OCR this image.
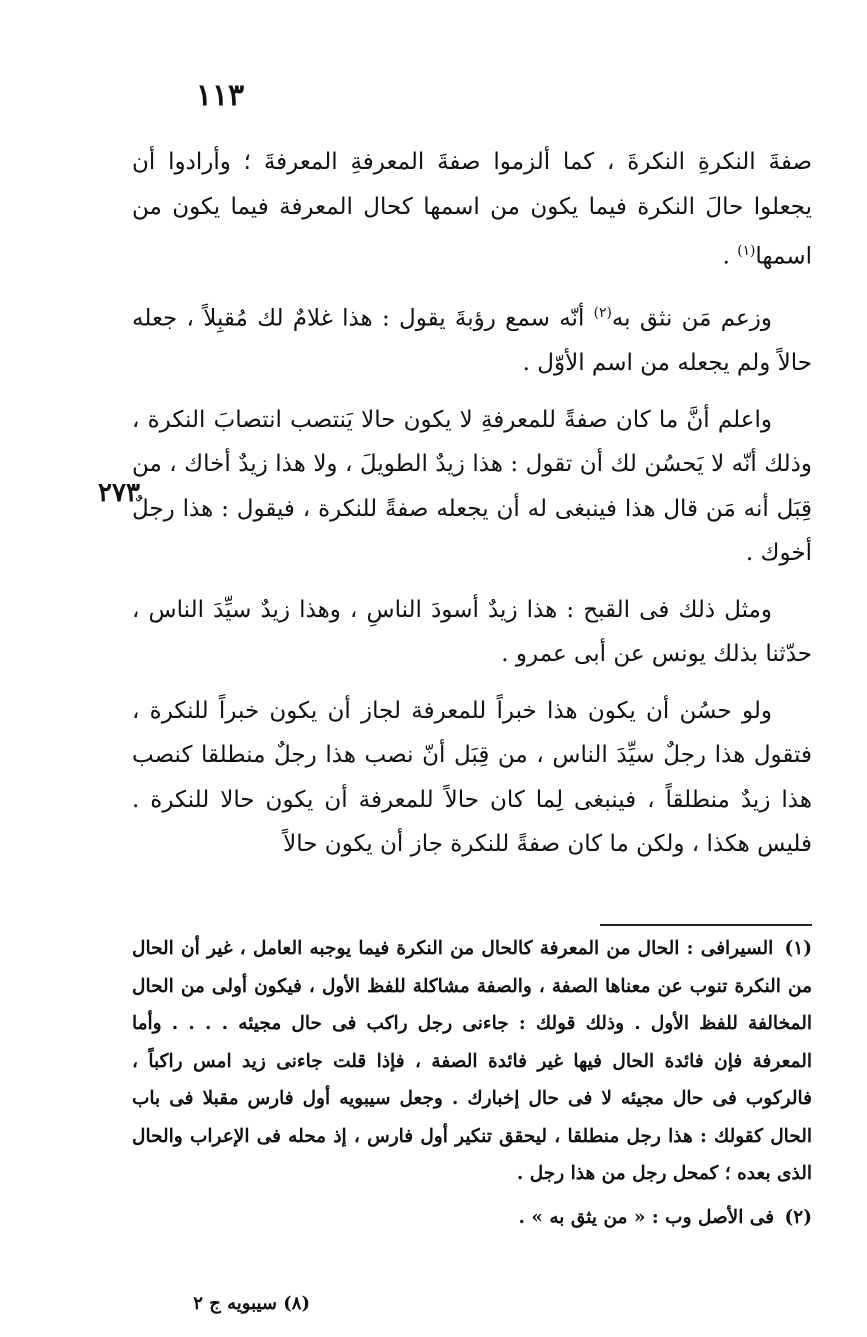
١١٣
٢٧٣

صفةَ النكرةِ النكرةَ ، كما ألزموا صفةَ المعرفةِ المعرفةَ ؛ وأرادوا أن يجعلوا حالَ النكرة فيما يكون من اسمها كحال المعرفة فيما يكون من اسمها$^{(١)}$ .

وزعم مَن نثق به$^{(٢)}$ أنّه سمع رؤبةَ يقول : هذا غلامٌ لك مُقبِلاً ، جعله حالاً ولم يجعله من اسم الأوّل .

واعلم أنَّ ما كان صفةً للمعرفةِ لا يكون حالا يَنتصب انتصابَ النكرة ، وذلك أنّه لا يَحسُن لك أن تقول : هذا زيدٌ الطويلَ ، ولا هذا زيدٌ أخاك ، من قِبَل أنه مَن قال هذا فينبغى له أن يجعله صفةً للنكرة ، فيقول : هذا رجلٌ أخوك .

ومثل ذلك فى القبح : هذا زيدٌ أسودَ الناسِ ، وهذا زيدٌ سيِّدَ الناس ، حدّثنا بذلك يونس عن أبى عمرو .

ولو حسُن أن يكون هذا خبراً للمعرفة لجاز أن يكون خبراً للنكرة ، فتقول هذا رجلٌ سيِّدَ الناس ، من قِبَل أنّ نصب هذا رجلٌ منطلقا كنصب هذا زيدٌ منطلقاً ، فينبغى لِما كان حالاً للمعرفة أن يكون حالا للنكرة . فليس هكذا ، ولكن ما كان صفةً للنكرة جاز أن يكون حالاً

(١) السيرافى : الحال من المعرفة كالحال من النكرة فيما يوجبه العامل ، غير أن الحال من النكرة تنوب عن معناها الصفة ، والصفة مشاكلة للفظ الأول ، فيكون أولى من الحال المخالفة للفظ الأول . وذلك قولك : جاءنى رجل راكب فى حال مجيئه . . . . وأما المعرفة فإن فائدة الحال فيها غير فائدة الصفة ، فإذا قلت جاءنى زيد امس راكباً ، فالركوب فى حال مجيئه لا فى حال إخبارك . وجعل سيبويه أول فارس مقبلا فى باب الحال كقولك : هذا رجل منطلقا ، ليحقق تنكير أول فارس ، إذ محله فى الإعراب والحال الذى بعده ؛ كمحل رجل من هذا رجل .

(٢) فى الأصل وب : « من يثق به » .

(٨) سيبويه ج ٢
